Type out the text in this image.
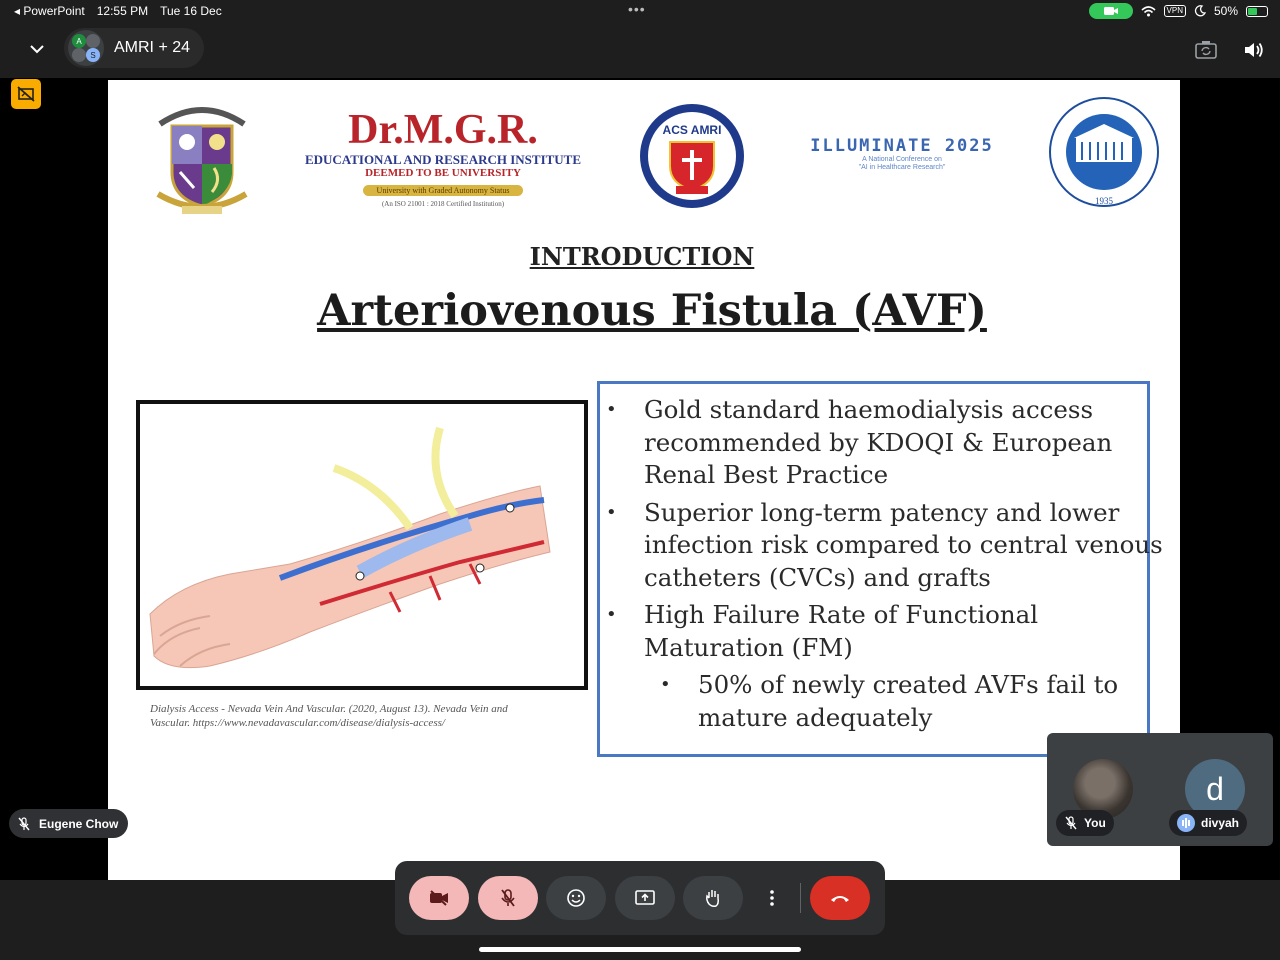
◂ PowerPoint 12:55 PM Tue 16 Dec	•••	VPN	50%
A
S AMRI + 24
Dr.M.G.R.
EDUCATIONAL AND RESEARCH INSTITUTE
DEEMED TO BE UNIVERSITY
University with Graded Autonomy Status
(An ISO 21001 : 2018 Certified Institution)
ACS AMRI
ILLUMINATE 2025
A National Conference on
"AI in Healthcare Research"
1935
INTRODUCTION
Arteriovenous Fistula (AVF)
Dialysis Access - Nevada Vein And Vascular. (2020, August 13). Nevada Vein and Vascular. https://www.nevadavascular.com/disease/dialysis-access/
• Gold standard haemodialysis access recommended by KDOQI & European Renal Best Practice
• Superior long-term patency and lower infection risk compared to central venous catheters (CVCs) and grafts
• High Failure Rate of Functional Maturation (FM)
• 50% of newly created AVFs fail to mature adequately
Eugene Chow
d
You	divyah
